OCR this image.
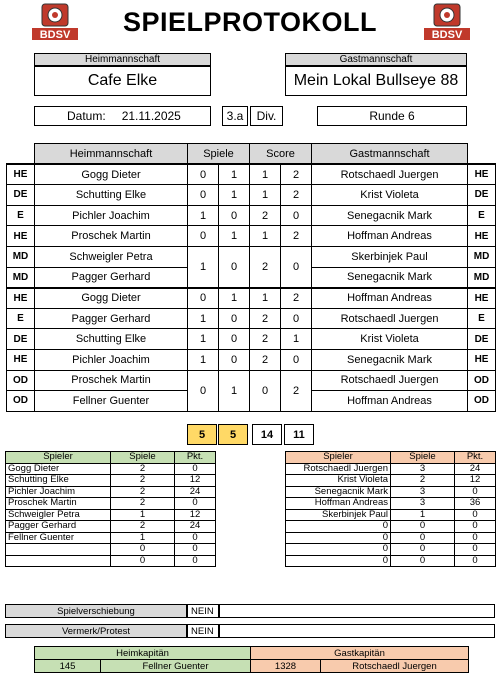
BDSV	BDSV
SPIELPROTOKOLL
Heimmannschaft
Cafe Elke
Gastmannschaft
Mein Lokal Bullseye 88
Datum: 21.11.2025	3.a	Div.	Runde 6
	Heimmannschaft	Spiele		Score		Gastmannschaft	
HE	Gogg Dieter	0	1	1	2	Rotschaedl Juergen	HE
DE	Schutting Elke	0	1	1	2	Krist Violeta	DE
E	Pichler Joachim	1	0	2	0	Senegacnik Mark	E
HE	Proschek Martin	0	1	1	2	Hoffman Andreas	HE
MD	Schweigler Petra	1	0	2	0	Skerbinjek Paul	MD
MD	Pagger Gerhard					Senegacnik Mark	MD
HE	Gogg Dieter	0	1	1	2	Hoffman Andreas	HE
E	Pagger Gerhard	1	0	2	0	Rotschaedl Juergen	E
DE	Schutting Elke	1	0	2	1	Krist Violeta	DE
HE	Pichler Joachim	1	0	2	0	Senegacnik Mark	HE
OD	Proschek Martin	0	1	0	2	Rotschaedl Juergen	OD
OD	Fellner Guenter					Hoffman Andreas	OD
5	5	14	11
Spieler	Spiele	Pkt.
Gogg Dieter	2	0
Schutting Elke	2	12
Pichler Joachim	2	24
Proschek Martin	2	0
Schweigler Petra	1	12
Pagger Gerhard	2	24
Fellner Guenter	1	0
	0	0
	0	0
Spieler	Spiele	Pkt.
Rotschaedl Juergen	3	24
Krist Violeta	2	12
Senegacnik Mark	3	0
Hoffman Andreas	3	36
Skerbinjek Paul	1	0
0	0	0
0	0	0
0	0	0
0	0	0
Spielverschiebung	NEIN
Vermerk/Protest	NEIN
Heimkapitän		Gastkapitän	
145	Fellner Guenter	1328	Rotschaedl Juergen
